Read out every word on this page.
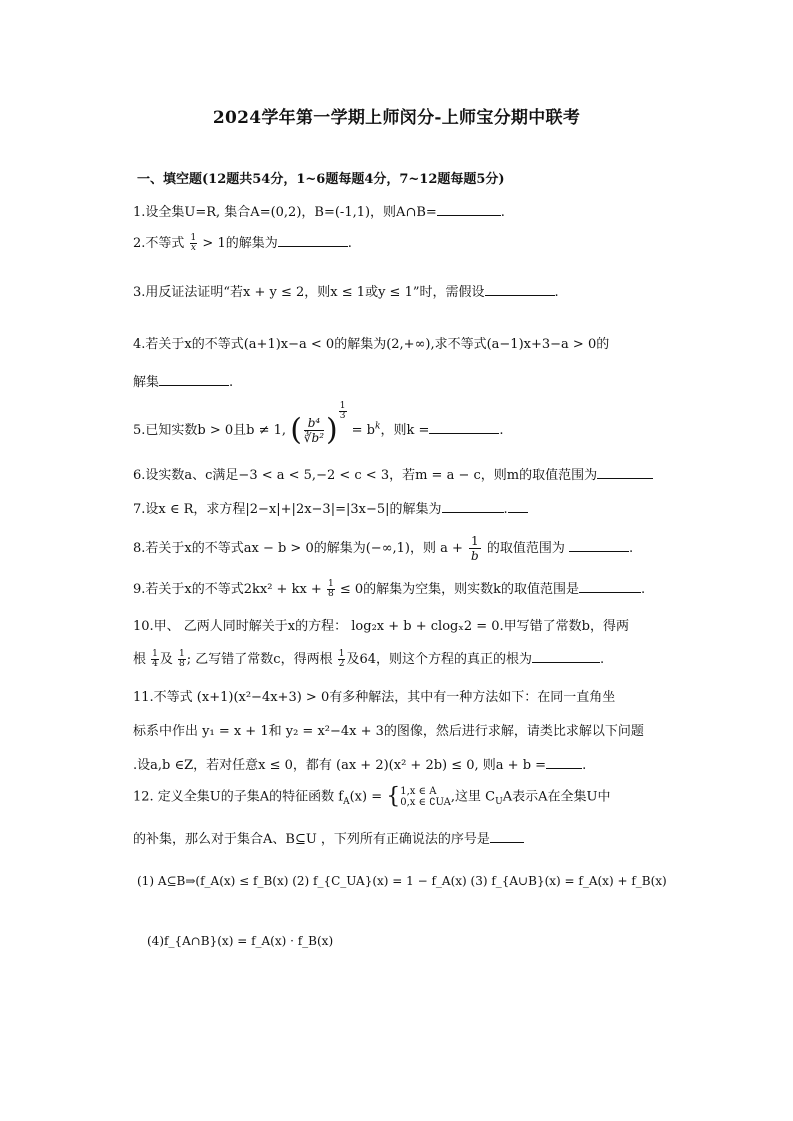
2024学年第一学期上师闵分-上师宝分期中联考
一、填空题(12题共54分，1~6题每题4分，7~12题每题5分)
1.设全集U=R, 集合A=(0,2)，B=(-1,1)，则A∩B=	.
2.不等式 $\frac{1}{x} > 1$的解集为	.
3.用反证法证明“若x + y ≤ 2，则x ≤ 1或y ≤ 1”时，需假设	.
4.若关于x的不等式(a+1)x−a < 0的解集为(2,+∞),求不等式(a−1)x+3−a > 0的
解集	.
5.已知实数b > 0且b ≠ 1, ( $\frac{\text{b⁴}}{\text{∛b²}}$ )
$\frac{1}{3}$
= $b^k$，则k =	.
6.设实数a、c满足−3 < a < 5,−2 < c < 3，若m = a − c，则m的取值范围为
7.设x ∈ R，求方程|2−x|+|2x−3|=|3x−5|的解集为	.
8.若关于x的不等式ax − b > 0的解集为(−∞,1)，则 $a + \frac{1}{b}$ 的取值范围为	.
9.若关于x的不等式2kx² + kx + $\frac{1}{8} \le 0$的解集为空集，则实数k的取值范围是	.
10.甲、 乙两人同时解关于x的方程： log₂x + b + clogₓ2 = 0.甲写错了常数b，得两
根 $\frac{1}{4}$ 及 $\frac{1}{8}$ ; 乙写错了常数c，得两根 $\frac{1}{2}$ 及64，则这个方程的真正的根为	.
11.不等式 (x+1)(x²−4x+3) > 0有多种解法，其中有一种方法如下：在同一直角坐
标系中作出 y₁ = x + 1和 y₂ = x²−4x + 3的图像，然后进行求解，请类比求解以下问题
.设a,b ∈Z，若对任意x ≤ 0，都有 (ax + 2)(x² + 2b) ≤ 0, 则a + b =	.
12. 定义全集U的子集A的特征函数 $f_A(x)$ = { 1,x ∈ A
0,x ∈ ∁UA ,这里 $C_UA$表示A在全集U中
的补集，那么对于集合A、B⊆U ，下列所有正确说法的序号是
(1) A⊆B⇒(f_A(x) ≤ f_B(x) (2) f_{C_UA}(x) = 1 − f_A(x) (3) f_{A∪B}(x) = f_A(x) + f_B(x)
(4)f_{A∩B}(x) = f_A(x) · f_B(x)
